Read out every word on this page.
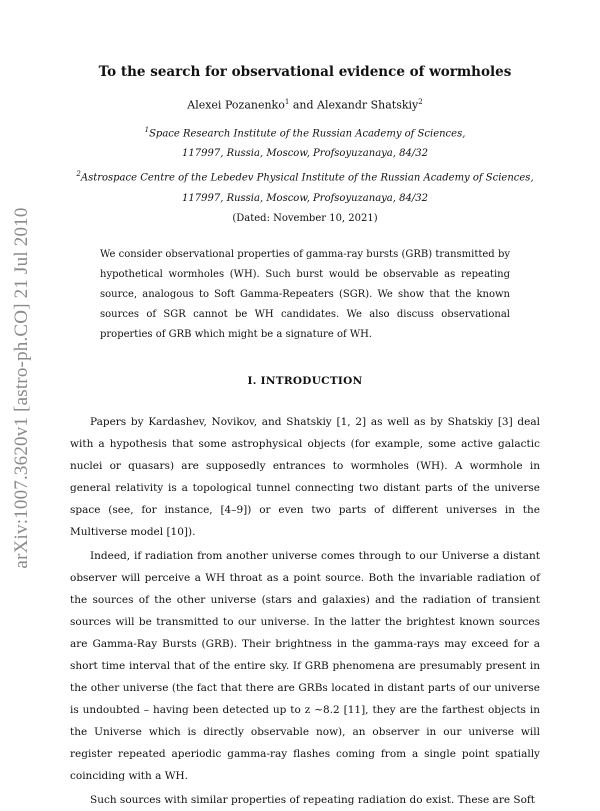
arXiv:1007.3620v1 [astro-ph.CO] 21 Jul 2010
To the search for observational evidence of wormholes
Alexei Pozanenko$^1$ and Alexandr Shatskiy$^2$
$^1$Space Research Institute of the Russian Academy of Sciences,
117997, Russia, Moscow, Profsoyuzanaya, 84/32
$^2$Astrospace Centre of the Lebedev Physical Institute of the Russian Academy of Sciences,
117997, Russia, Moscow, Profsoyuzanaya, 84/32
(Dated: November 10, 2021)

We consider observational properties of gamma-ray bursts (GRB) transmitted by hypothetical wormholes (WH). Such burst would be observable as repeating source, analogous to Soft Gamma-Repeaters (SGR). We show that the known sources of SGR cannot be WH candidates. We also discuss observational properties of GRB which might be a signature of WH.

I. INTRODUCTION

Papers by Kardashev, Novikov, and Shatskiy [1, 2] as well as by Shatskiy [3] deal with a hypothesis that some astrophysical objects (for example, some active galactic nuclei or quasars) are supposedly entrances to wormholes (WH). A wormhole in general relativity is a topological tunnel connecting two distant parts of the universe space (see, for instance, [4–9]) or even two parts of different universes in the Multiverse model [10]).

Indeed, if radiation from another universe comes through to our Universe a distant observer will perceive a WH throat as a point source. Both the invariable radiation of the sources of the other universe (stars and galaxies) and the radiation of transient sources will be transmitted to our universe. In the latter the brightest known sources are Gamma-Ray Bursts (GRB). Their brightness in the gamma-rays may exceed for a short time interval that of the entire sky. If GRB phenomena are presumably present in the other universe (the fact that there are GRBs located in distant parts of our universe is undoubted – having been detected up to z ∼8.2 [11], they are the farthest objects in the Universe which is directly observable now), an observer in our universe will register repeated aperiodic gamma-ray flashes coming from a single point spatially coinciding with a WH.

Such sources with similar properties of repeating radiation do exist. These are Soft
